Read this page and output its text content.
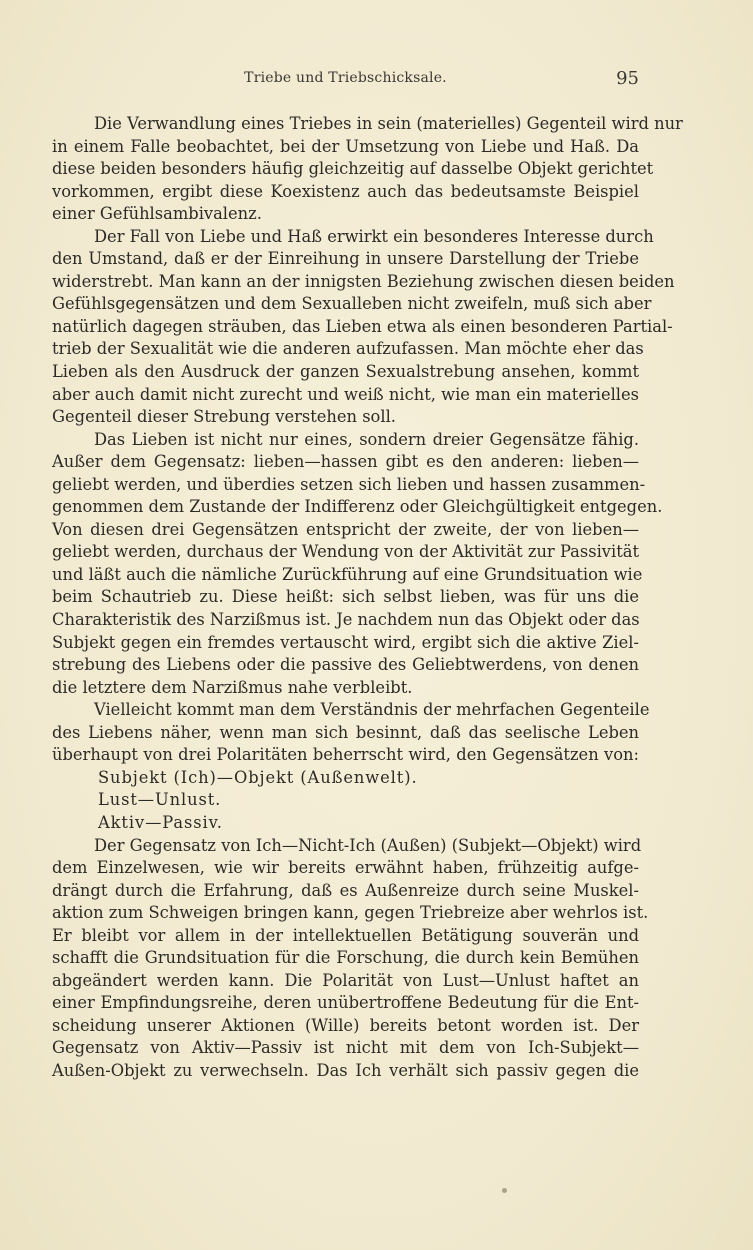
Triebe und Triebschicksale.	95
Die Verwandlung eines Triebes in sein (materielles) Gegenteil wird nur
in einem Falle beobachtet, bei der Umsetzung von Liebe und Haß. Da
diese beiden besonders häufig gleichzeitig auf dasselbe Objekt gerichtet
vorkommen, ergibt diese Koexistenz auch das bedeutsamste Beispiel
einer Gefühlsambivalenz.
Der Fall von Liebe und Haß erwirkt ein besonderes Interesse durch
den Umstand, daß er der Einreihung in unsere Darstellung der Triebe
widerstrebt. Man kann an der innigsten Beziehung zwischen diesen beiden
Gefühlsgegensätzen und dem Sexualleben nicht zweifeln, muß sich aber
natürlich dagegen sträuben, das Lieben etwa als einen besonderen Partial-
trieb der Sexualität wie die anderen aufzufassen. Man möchte eher das
Lieben als den Ausdruck der ganzen Sexualstrebung ansehen, kommt
aber auch damit nicht zurecht und weiß nicht, wie man ein materielles
Gegenteil dieser Strebung verstehen soll.
Das Lieben ist nicht nur eines, sondern dreier Gegensätze fähig.
Außer dem Gegensatz: lieben—hassen gibt es den anderen: lieben—
geliebt werden, und überdies setzen sich lieben und hassen zusammen-
genommen dem Zustande der Indifferenz oder Gleichgültigkeit entgegen.
Von diesen drei Gegensätzen entspricht der zweite, der von lieben—
geliebt werden, durchaus der Wendung von der Aktivität zur Passivität
und läßt auch die nämliche Zurückführung auf eine Grundsituation wie
beim Schautrieb zu. Diese heißt: sich selbst lieben, was für uns die
Charakteristik des Narzißmus ist. Je nachdem nun das Objekt oder das
Subjekt gegen ein fremdes vertauscht wird, ergibt sich die aktive Ziel-
strebung des Liebens oder die passive des Geliebtwerdens, von denen
die letztere dem Narzißmus nahe verbleibt.
Vielleicht kommt man dem Verständnis der mehrfachen Gegenteile
des Liebens näher, wenn man sich besinnt, daß das seelische Leben
überhaupt von drei Polaritäten beherrscht wird, den Gegensätzen von:
Subjekt (Ich)—Objekt (Außenwelt).
Lust—Unlust.
Aktiv—Passiv.
Der Gegensatz von Ich—Nicht-Ich (Außen) (Subjekt—Objekt) wird
dem Einzelwesen, wie wir bereits erwähnt haben, frühzeitig aufge-
drängt durch die Erfahrung, daß es Außenreize durch seine Muskel-
aktion zum Schweigen bringen kann, gegen Triebreize aber wehrlos ist.
Er bleibt vor allem in der intellektuellen Betätigung souverän und
schafft die Grundsituation für die Forschung, die durch kein Bemühen
abgeändert werden kann. Die Polarität von Lust—Unlust haftet an
einer Empfindungsreihe, deren unübertroffene Bedeutung für die Ent-
scheidung unserer Aktionen (Wille) bereits betont worden ist. Der
Gegensatz von Aktiv—Passiv ist nicht mit dem von Ich-Subjekt—
Außen-Objekt zu verwechseln. Das Ich verhält sich passiv gegen die
